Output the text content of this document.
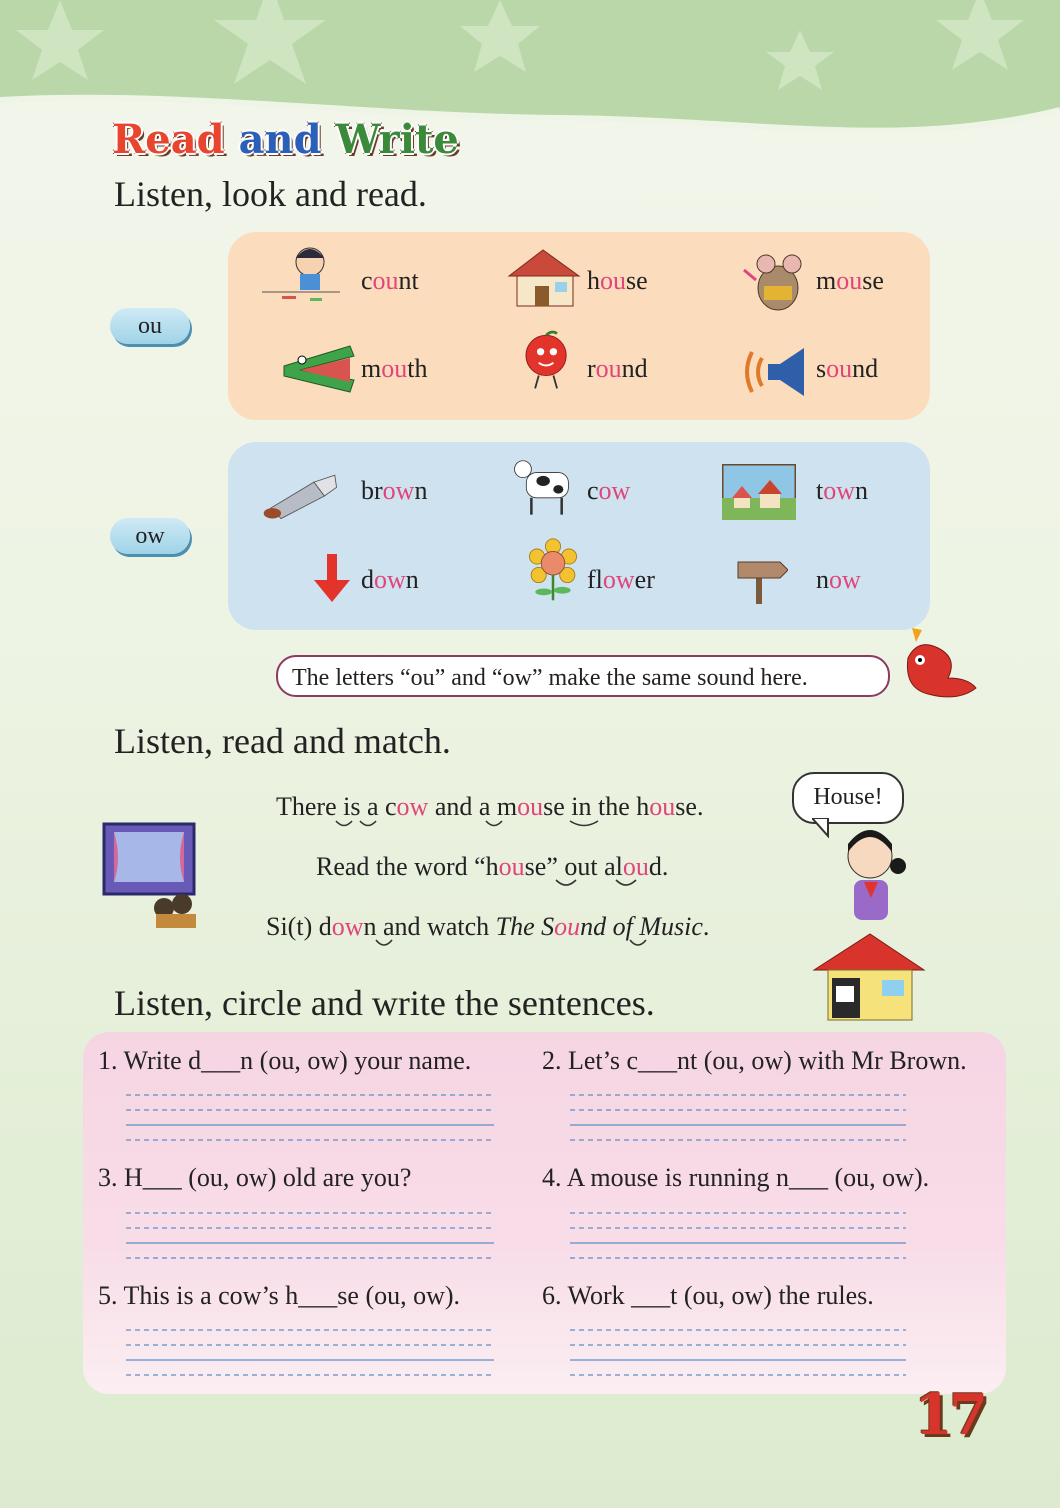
Read and Write
Listen, look and read.
ou
count	house	mouse
mouth	round	sound
ow
brown	cow	town
down	flower	now
The letters “ou” and “ow” make the same sound here.
Listen, read and match.
There is a cow and a mouse in the house.
Read the word “house” out aloud.
Si(t) down and watch The Sound of Music.
House!
Listen, circle and write the sentences.
1. Write d___n (ou, ow) your name.	2. Let’s c___nt (ou, ow) with Mr Brown.
3. H___ (ou, ow) old are you?	4. A mouse is running n___ (ou, ow).
5. This is a cow’s h___se (ou, ow).	6. Work ___t (ou, ow) the rules.
17
